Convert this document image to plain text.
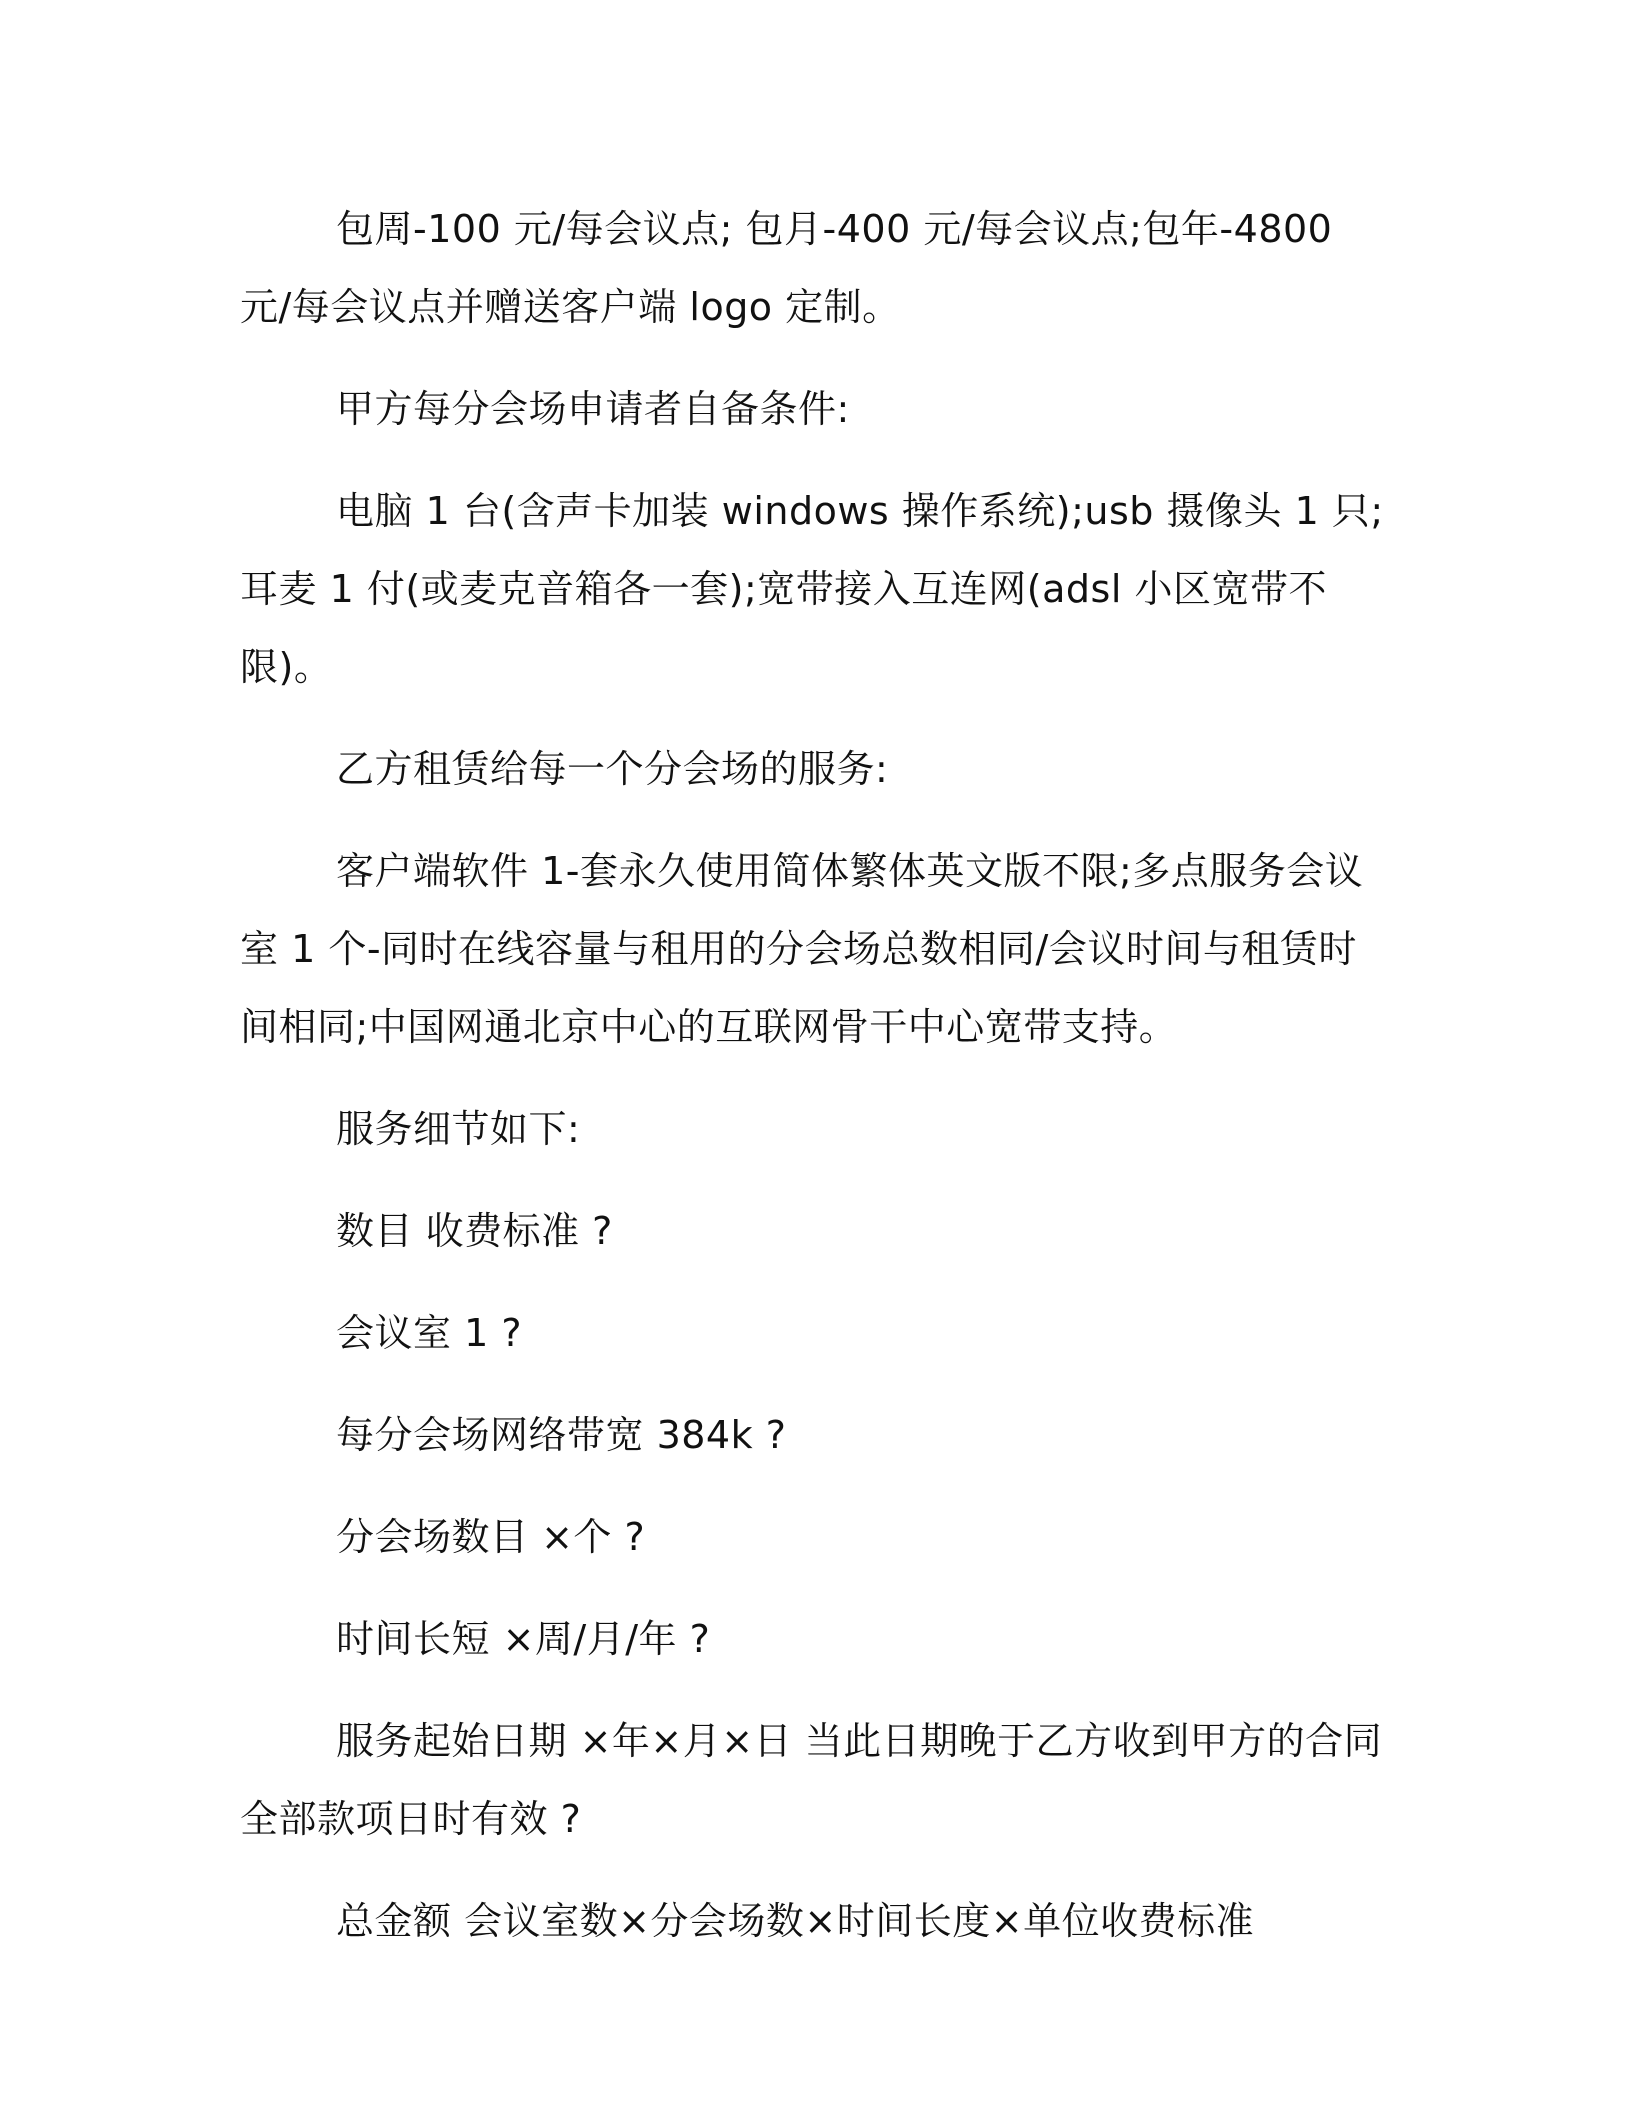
包周-100 元/每会议点; 包月-400 元/每会议点;包年-4800 元/每会议点并赠送客户端 logo 定制。

甲方每分会场申请者自备条件:

电脑 1 台(含声卡加装 windows 操作系统);usb 摄像头 1 只;耳麦 1 付(或麦克音箱各一套);宽带接入互连网(adsl 小区宽带不限)。

乙方租赁给每一个分会场的服务:

客户端软件 1-套永久使用简体繁体英文版不限;多点服务会议室 1 个-同时在线容量与租用的分会场总数相同/会议时间与租赁时间相同;中国网通北京中心的互联网骨干中心宽带支持。

服务细节如下:

数目 收费标准 ?

会议室 1 ?

每分会场网络带宽 384k ?

分会场数目 ×个 ?

时间长短 ×周/月/年 ?

服务起始日期 ×年×月×日 当此日期晚于乙方收到甲方的合同全部款项日时有效 ?

总金额 会议室数×分会场数×时间长度×单位收费标准
